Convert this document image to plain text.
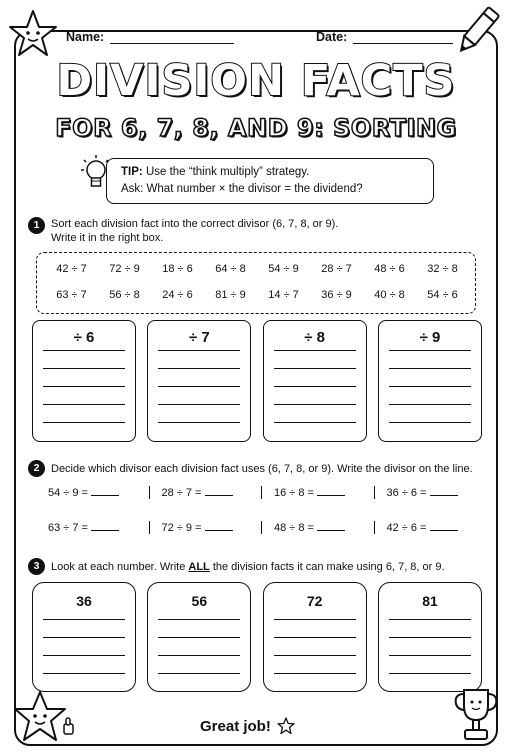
Name:	Date:
DIVISION FACTS
FOR 6, 7, 8, AND 9: SORTING
TIP: Use the “think multiply” strategy.
Ask: What number × the divisor = the dividend?
1	Sort each division fact into the correct divisor (6, 7, 8, or 9).
Write it in the right box.
42 ÷ 7	72 ÷ 9	18 ÷ 6	64 ÷ 8	54 ÷ 9	28 ÷ 7	48 ÷ 6	32 ÷ 8
63 ÷ 7	56 ÷ 8	24 ÷ 6	81 ÷ 9	14 ÷ 7	36 ÷ 9	40 ÷ 8	54 ÷ 6
÷ 6	÷ 7	÷ 8	÷ 9
2	Decide which divisor each division fact uses (6, 7, 8, or 9). Write the divisor on the line.
54 ÷ 9 =	28 ÷ 7 =	16 ÷ 8 =	36 ÷ 6 =
63 ÷ 7 =	72 ÷ 9 =	48 ÷ 8 =	42 ÷ 6 =
3	Look at each number. Write ALL the division facts it can make using 6, 7, 8, or 9.
36	56	72	81
Great job!
